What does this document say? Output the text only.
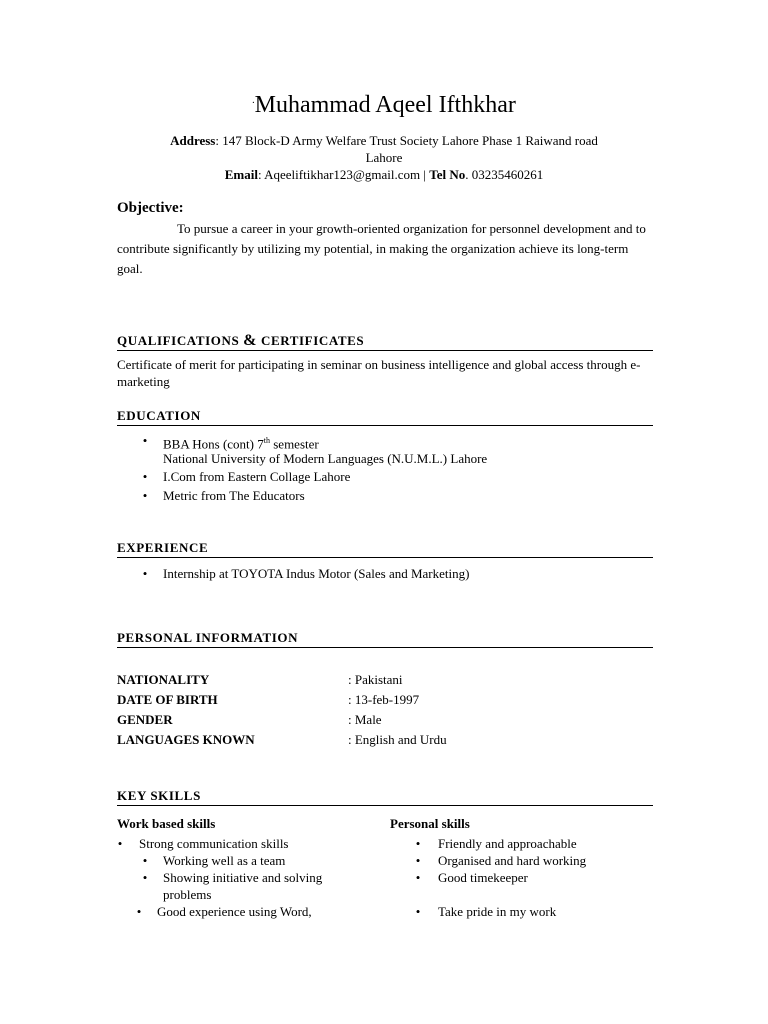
.Muhammad Aqeel Ifthkhar
Address: 147 Block-D Army Welfare Trust Society Lahore Phase 1 Raiwand road
Lahore
Email: Aqeeliftikhar123@gmail.com | Tel No. 03235460261
Objective:
To pursue a career in your growth-oriented organization for personnel development and to contribute significantly by utilizing my potential, in making the organization achieve its long-term goal.
QUALIFICATIONS & CERTIFICATES
Certificate of merit for participating in seminar on business intelligence and global access through e-marketing
EDUCATION
• BBA Hons (cont) 7th semester
National University of Modern Languages (N.U.M.L.) Lahore
• I.Com from Eastern Collage Lahore
• Metric from The Educators
EXPERIENCE
• Internship at TOYOTA Indus Motor (Sales and Marketing)
PERSONAL INFORMATION
NATIONALITY	: Pakistani
DATE OF BIRTH	: 13-feb-1997
GENDER	: Male
LANGUAGES KNOWN	: English and Urdu
KEY SKILLS
Work based skills	Personal skills
• Strong communication skills
• Working well as a team
• Showing initiative and solving
problems
• Good experience using Word,
• Friendly and approachable
• Organised and hard working
• Good timekeeper
• Take pride in my work
